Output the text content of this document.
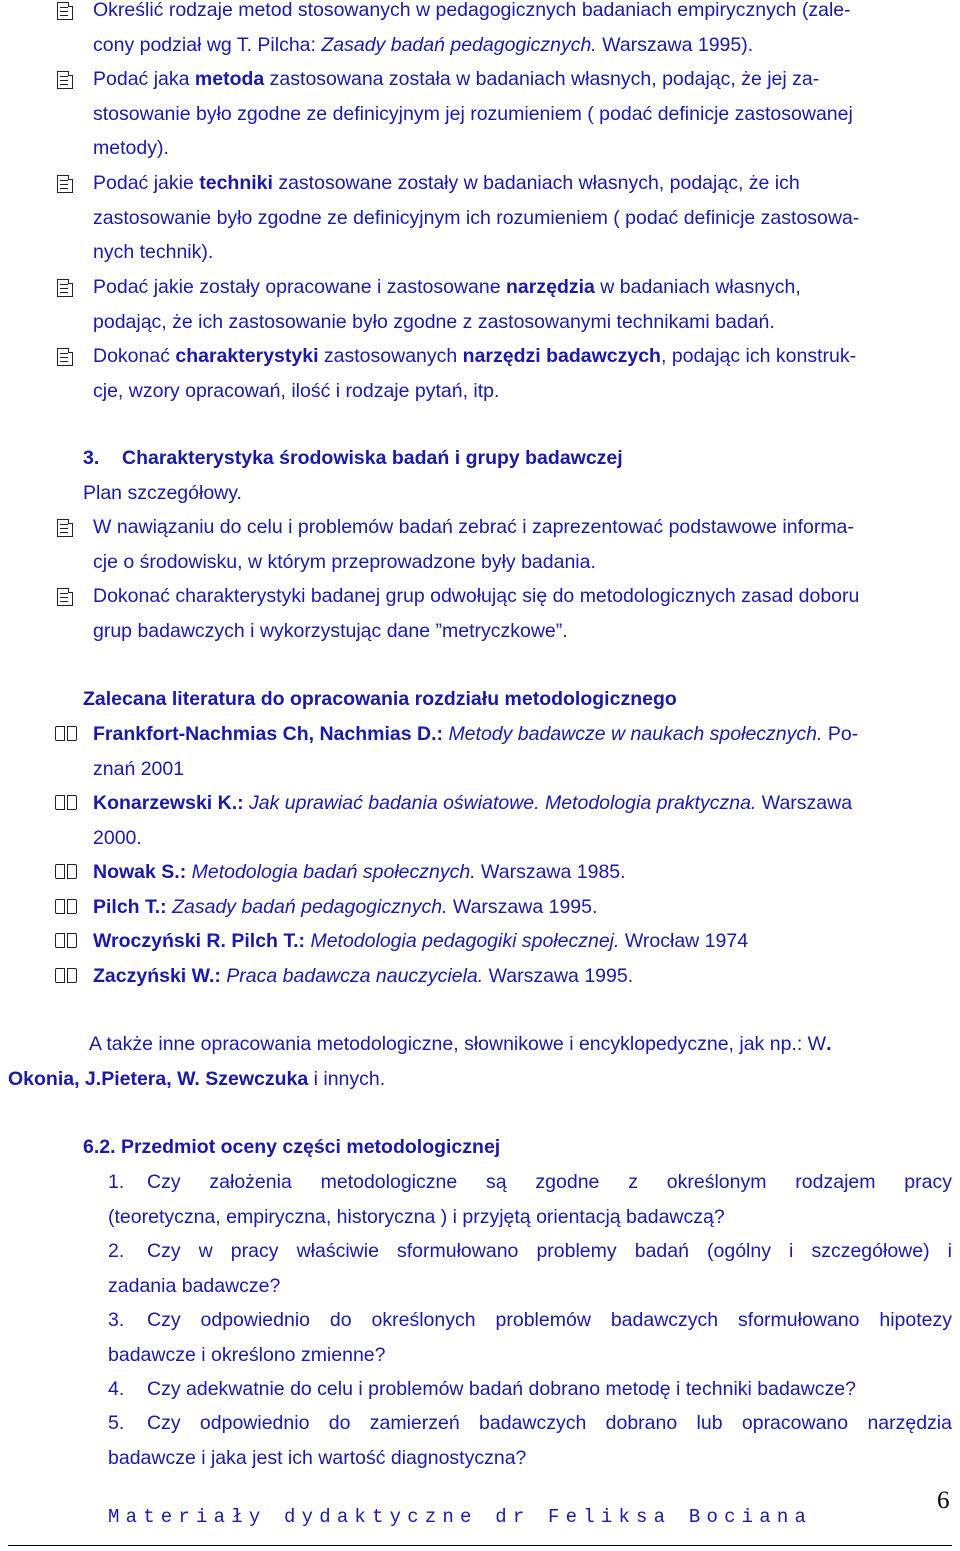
Określić rodzaje metod stosowanych w pedagogicznych badaniach empirycznych (zale-
cony podział wg T. Pilcha: Zasady badań pedagogicznych. Warszawa 1995).
Podać jaka metoda zastosowana została w badaniach własnych, podając, że jej za-
stosowanie było zgodne ze definicyjnym jej rozumieniem ( podać definicje zastosowanej
metody).
Podać jakie techniki zastosowane zostały w badaniach własnych, podając, że ich
zastosowanie było zgodne ze definicyjnym ich rozumieniem ( podać definicje zastosowa-
nych technik).
Podać jakie zostały opracowane i zastosowane narzędzia w badaniach własnych,
podając, że ich zastosowanie było zgodne z zastosowanymi technikami badań.
Dokonać charakterystyki zastosowanych narzędzi badawczych, podając ich konstruk-
cje, wzory opracowań, ilość i rodzaje pytań, itp.
3. Charakterystyka środowiska badań i grupy badawczej
Plan szczegółowy.
W nawiązaniu do celu i problemów badań zebrać i zaprezentować podstawowe informa-
cje o środowisku, w którym przeprowadzone były badania.
Dokonać charakterystyki badanej grup odwołując się do metodologicznych zasad doboru
grup badawczych i wykorzystując dane ”metryczkowe”.
Zalecana literatura do opracowania rozdziału metodologicznego
Frankfort-Nachmias Ch, Nachmias D.: Metody badawcze w naukach społecznych. Po-
znań 2001
Konarzewski K.: Jak uprawiać badania oświatowe. Metodologia praktyczna. Warszawa
2000.
Nowak S.: Metodologia badań społecznych. Warszawa 1985.
Pilch T.: Zasady badań pedagogicznych. Warszawa 1995.
Wroczyński R. Pilch T.: Metodologia pedagogiki społecznej. Wrocław 1974
Zaczyński W.: Praca badawcza nauczyciela. Warszawa 1995.
A także inne opracowania metodologiczne, słownikowe i encyklopedyczne, jak np.: W.
Okonia, J.Pietera, W. Szewczuka i innych.
6.2. Przedmiot oceny części metodologicznej
1. Czy założenia metodologiczne są zgodne z określonym rodzajem pracy
(teoretyczna, empiryczna, historyczna ) i przyjętą orientacją badawczą?
2. Czy w pracy właściwie sformułowano problemy badań (ogólny i szczegółowe) i
zadania badawcze?
3. Czy odpowiednio do określonych problemów badawczych sformułowano hipotezy
badawcze i określono zmienne?
4. Czy adekwatnie do celu i problemów badań dobrano metodę i techniki badawcze?
5. Czy odpowiednio do zamierzeń badawczych dobrano lub opracowano narzędzia
badawcze i jaka jest ich wartość diagnostyczna?
Materiały dydaktyczne dr Feliksa Bociana
6
